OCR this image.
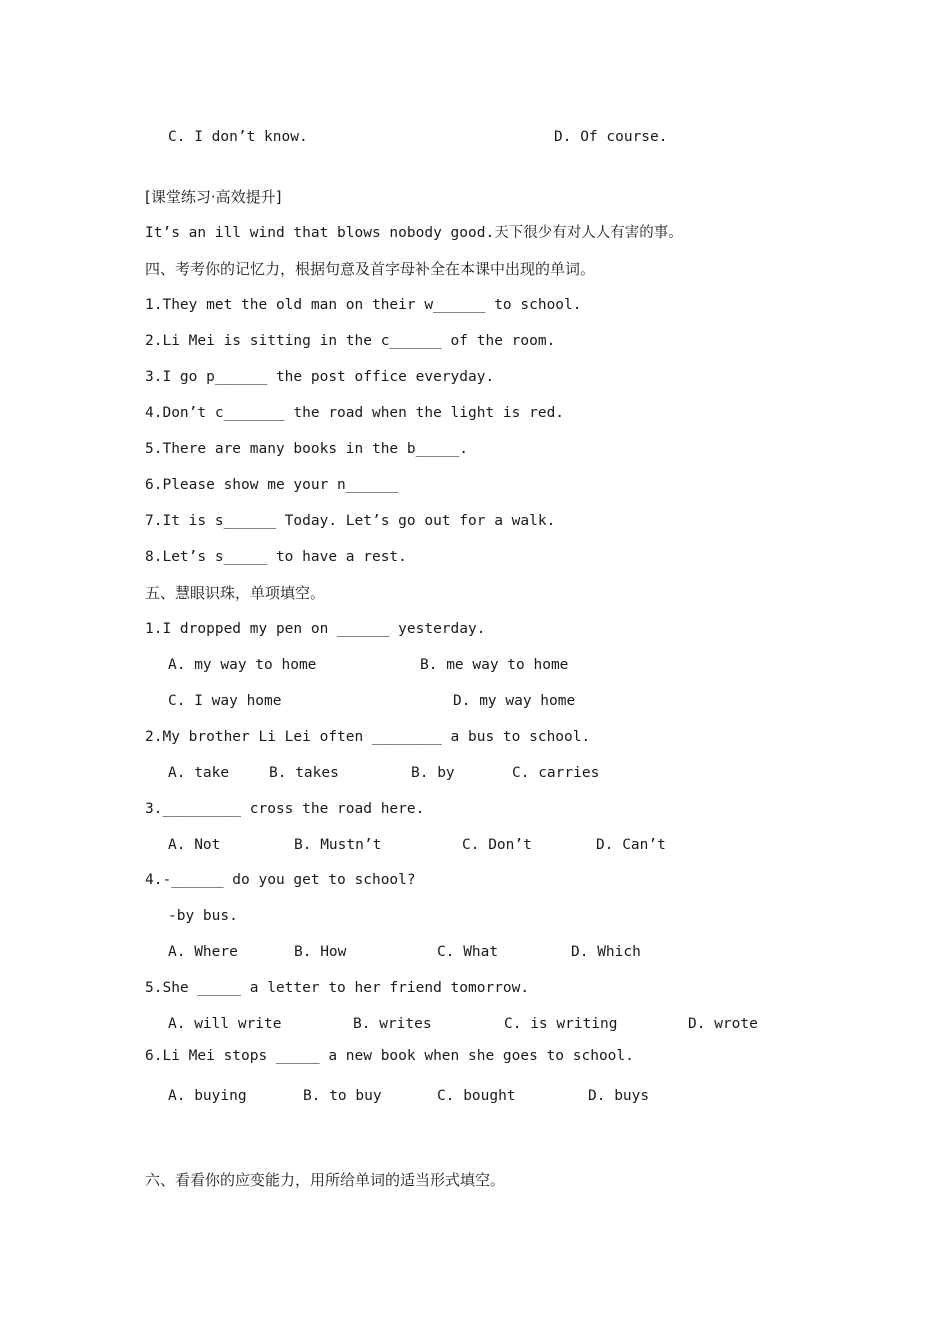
C. I don’t know.	D. Of course.
[课堂练习·高效提升]
It’s an ill wind that blows nobody good.天下很少有对人人有害的事。
四、考考你的记忆力，根据句意及首字母补全在本课中出现的单词。
1.They met the old man on their w______ to school.
2.Li Mei is sitting in the c______ of the room.
3.I go p______ the post office everyday.
4.Don’t c_______ the road when the light is red.
5.There are many books in the b_____.
6.Please show me your n______
7.It is s______ Today. Let’s go out for a walk.
8.Let’s s_____ to have a rest.
五、慧眼识珠，单项填空。
1.I dropped my pen on ______ yesterday.
A. my way to home	B. me way to home
C. I way home	D. my way home
2.My brother Li Lei often ________ a bus to school.
A. take	B. takes	B. by	C. carries
3._________ cross the road here.
A. Not	B. Mustn’t	C. Don’t	D. Can’t
4.-______ do you get to school?
-by bus.
A. Where	B. How	C. What	D. Which
5.She _____ a letter to her friend tomorrow.
A. will write	B. writes	C. is writing	D. wrote
6.Li Mei stops _____ a new book when she goes to school.
A. buying	B. to buy	C. bought	D. buys
六、看看你的应变能力，用所给单词的适当形式填空。
